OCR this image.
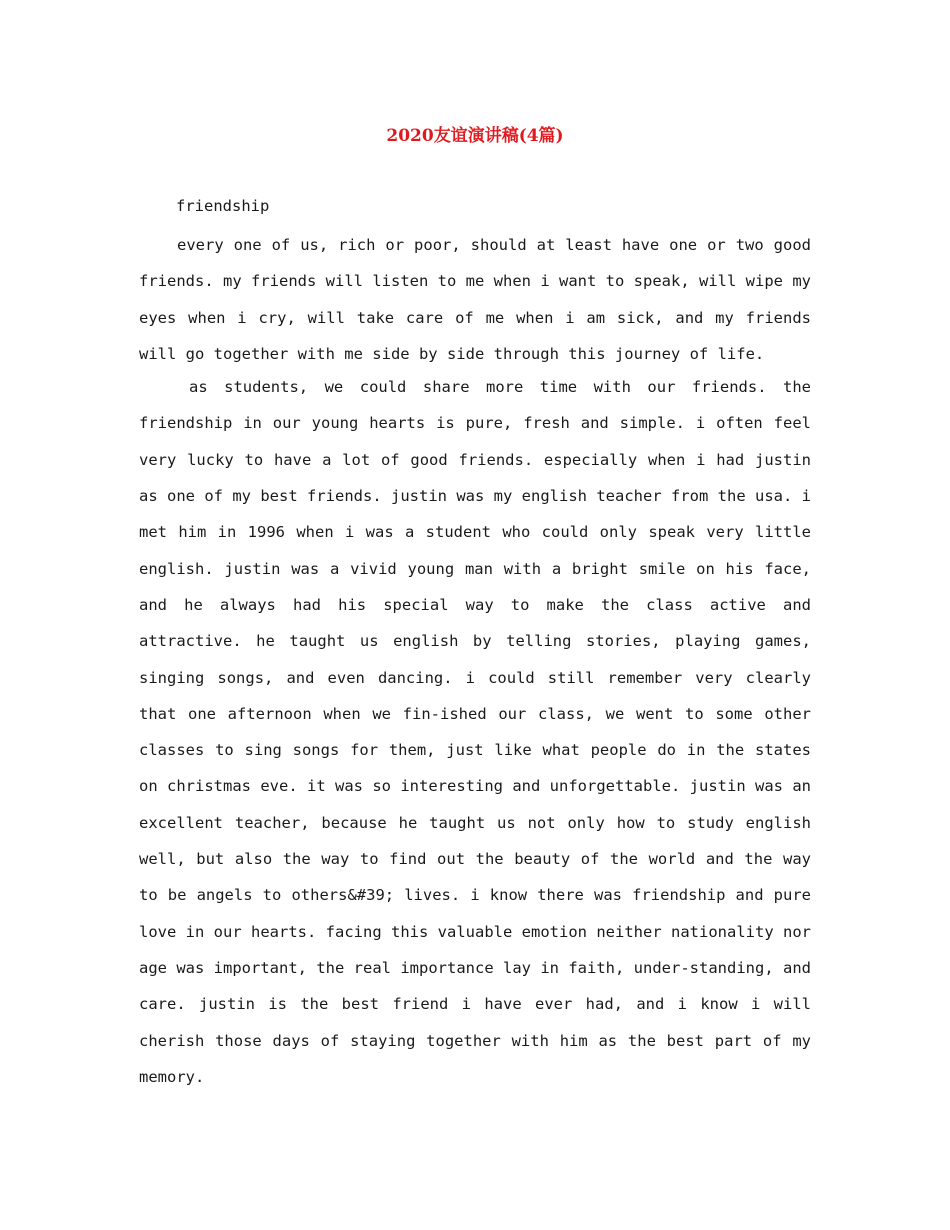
2020友谊演讲稿(4篇)

friendship

every one of us, rich or poor, should at least have one or two good friends. my friends will listen to me when i want to speak, will wipe my eyes when i cry, will take care of me when i am sick, and my friends will go together with me side by side through this journey of life.

as students, we could share more time with our friends. the friendship in our young hearts is pure, fresh and simple. i often feel very lucky to have a lot of good friends. especially when i had justin as one of my best friends. justin was my english teacher from the usa. i met him in 1996 when i was a student who could only speak very little english. justin was a vivid young man with a bright smile on his face, and he always had his special way to make the class active and attractive. he taught us english by telling stories, playing games, singing songs, and even dancing. i could still remember very clearly that one afternoon when we fin-ished our class, we went to some other classes to sing songs for them, just like what people do in the states on christmas eve. it was so interesting and unforgettable. justin was an excellent teacher, because he taught us not only how to study english well, but also the way to find out the beauty of the world and the way to be angels to others&#39; lives. i know there was friendship and pure love in our hearts. facing this valuable emotion neither nationality nor age was important, the real importance lay in faith, under-standing, and care. justin is the best friend i have ever had, and i know i will cherish those days of staying together with him as the best part of my memory.
